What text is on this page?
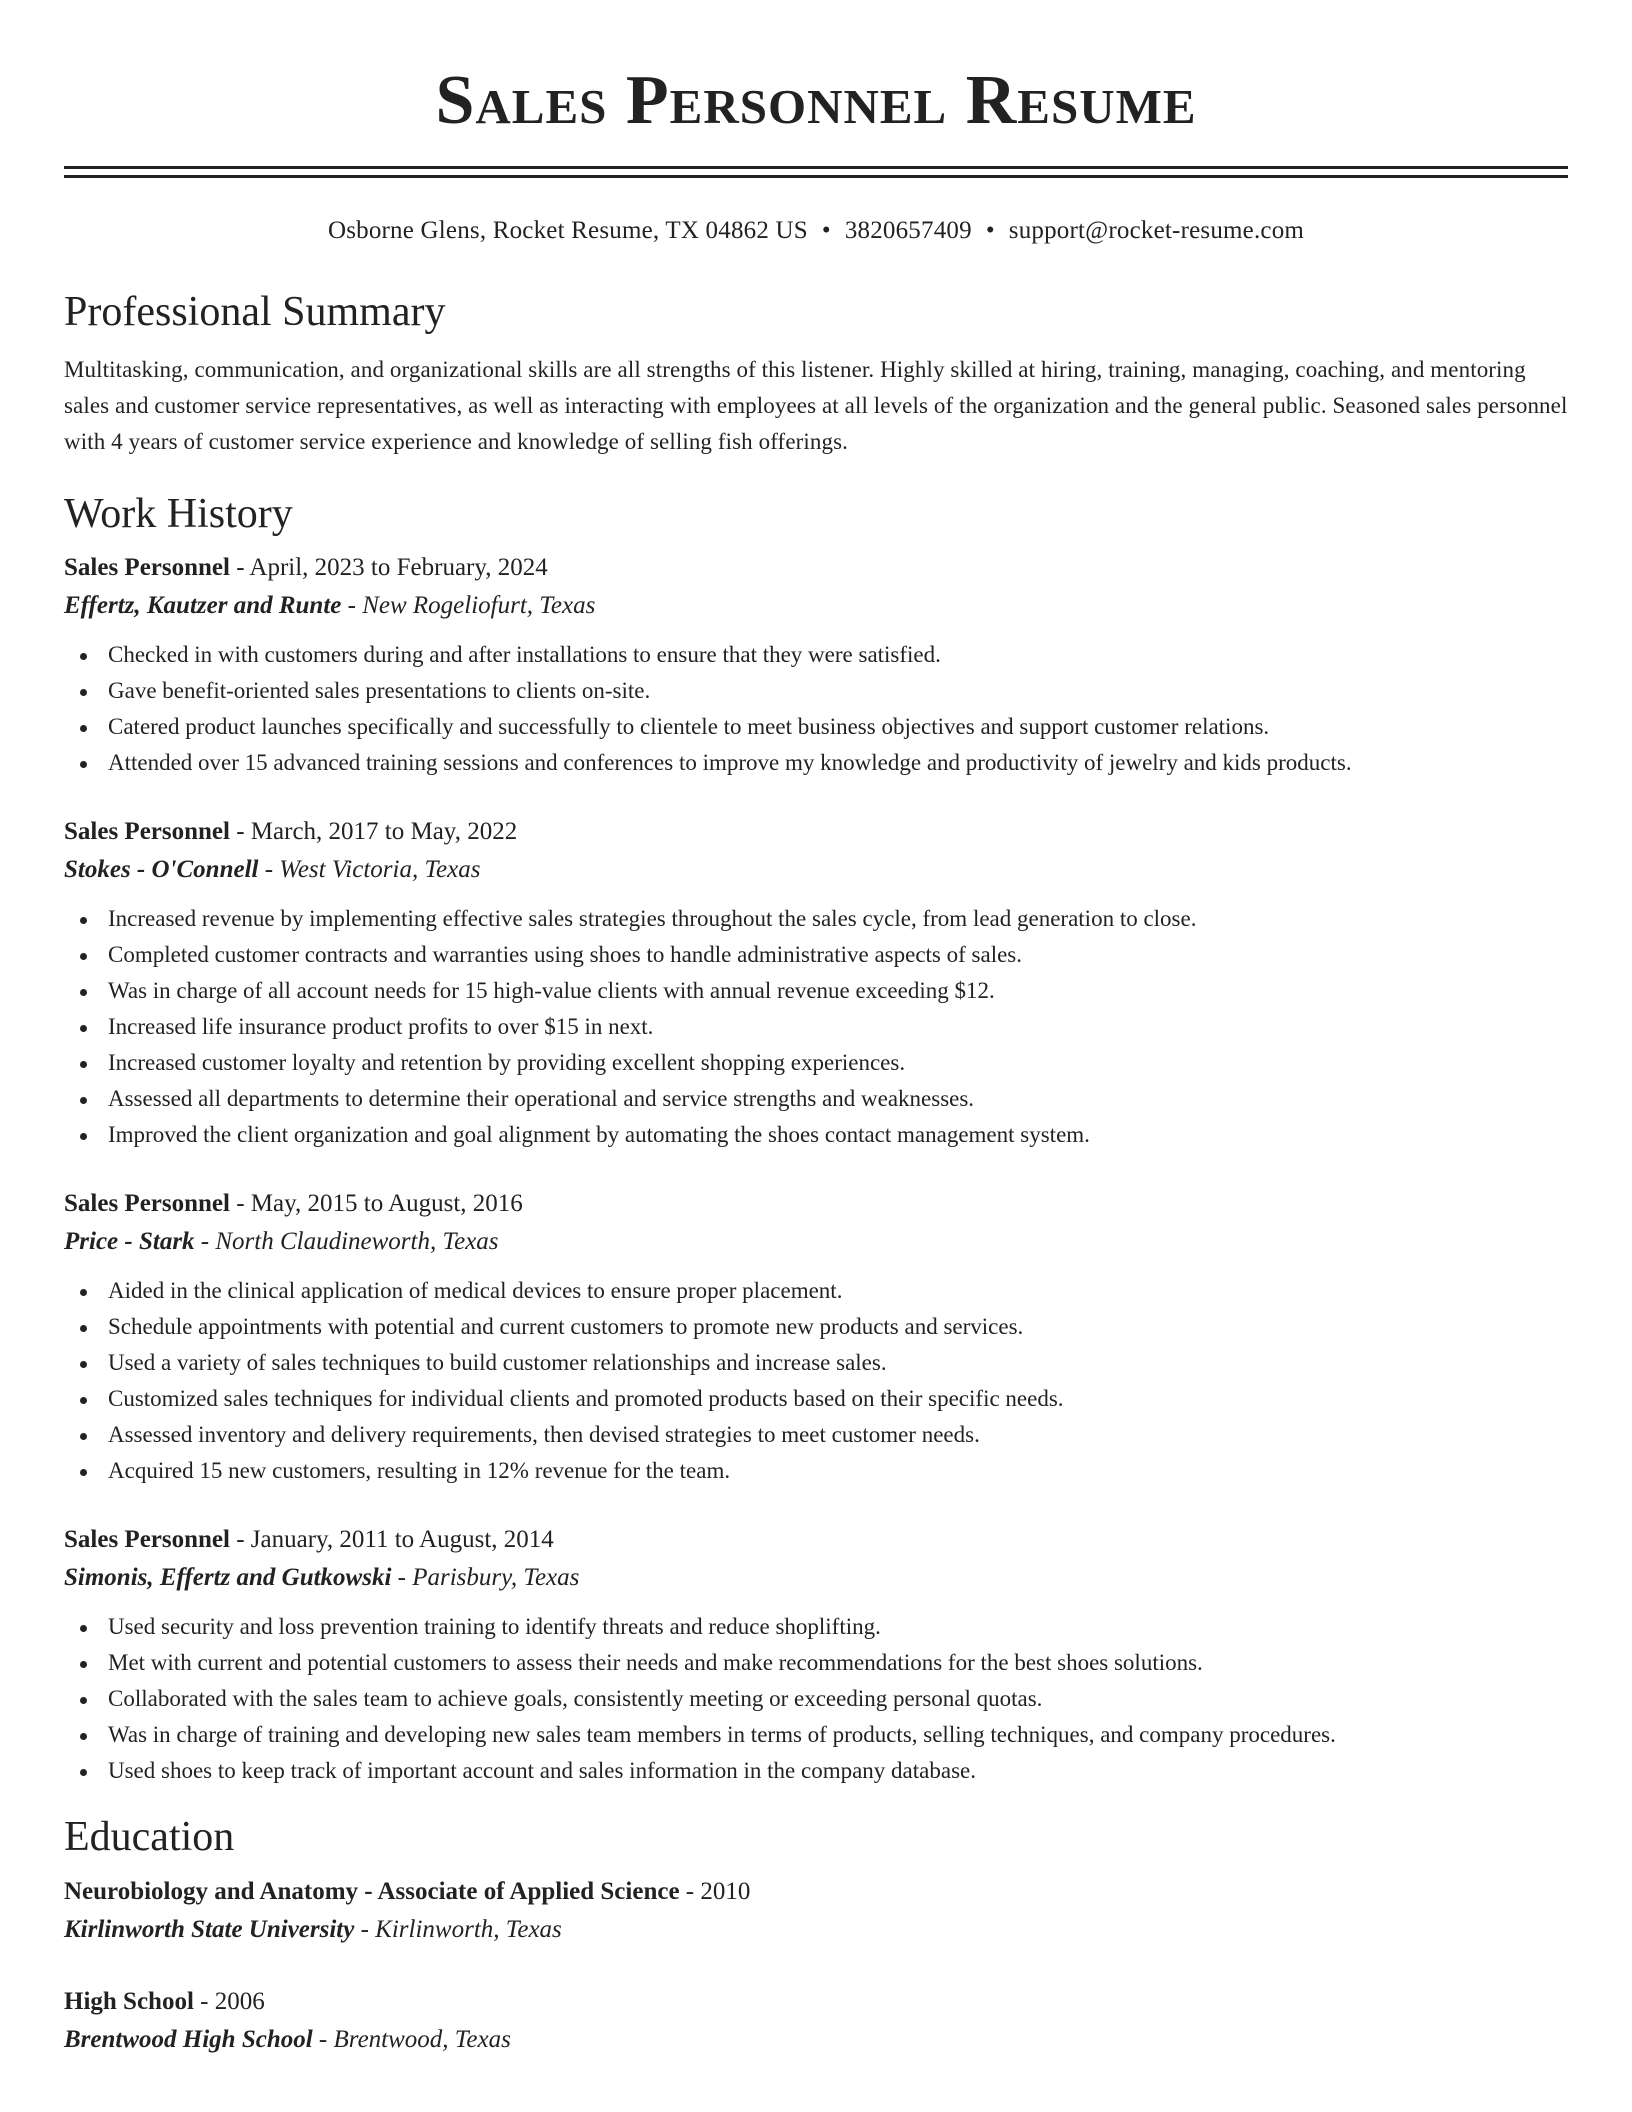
Sales Personnel Resume
Osborne Glens, Rocket Resume, TX 04862 US • 3820657409 • support@rocket-resume.com
Professional Summary

Multitasking, communication, and organizational skills are all strengths of this listener. Highly skilled at hiring, training, managing, coaching, and mentoring sales and customer service representatives, as well as interacting with employees at all levels of the organization and the general public. Seasoned sales personnel with 4 years of customer service experience and knowledge of selling fish offerings.

Work History
Sales Personnel - April, 2023 to February, 2024
Effertz, Kautzer and Runte - New Rogeliofurt, Texas
Checked in with customers during and after installations to ensure that they were satisfied.
Gave benefit-oriented sales presentations to clients on-site.
Catered product launches specifically and successfully to clientele to meet business objectives and support customer relations.
Attended over 15 advanced training sessions and conferences to improve my knowledge and productivity of jewelry and kids products.
Sales Personnel - March, 2017 to May, 2022
Stokes - O'Connell - West Victoria, Texas
Increased revenue by implementing effective sales strategies throughout the sales cycle, from lead generation to close.
Completed customer contracts and warranties using shoes to handle administrative aspects of sales.
Was in charge of all account needs for 15 high-value clients with annual revenue exceeding $12.
Increased life insurance product profits to over $15 in next.
Increased customer loyalty and retention by providing excellent shopping experiences.
Assessed all departments to determine their operational and service strengths and weaknesses.
Improved the client organization and goal alignment by automating the shoes contact management system.
Sales Personnel - May, 2015 to August, 2016
Price - Stark - North Claudineworth, Texas
Aided in the clinical application of medical devices to ensure proper placement.
Schedule appointments with potential and current customers to promote new products and services.
Used a variety of sales techniques to build customer relationships and increase sales.
Customized sales techniques for individual clients and promoted products based on their specific needs.
Assessed inventory and delivery requirements, then devised strategies to meet customer needs.
Acquired 15 new customers, resulting in 12% revenue for the team.
Sales Personnel - January, 2011 to August, 2014
Simonis, Effertz and Gutkowski - Parisbury, Texas
Used security and loss prevention training to identify threats and reduce shoplifting.
Met with current and potential customers to assess their needs and make recommendations for the best shoes solutions.
Collaborated with the sales team to achieve goals, consistently meeting or exceeding personal quotas.
Was in charge of training and developing new sales team members in terms of products, selling techniques, and company procedures.
Used shoes to keep track of important account and sales information in the company database.
Education
Neurobiology and Anatomy - Associate of Applied Science - 2010
Kirlinworth State University - Kirlinworth, Texas
High School - 2006
Brentwood High School - Brentwood, Texas
